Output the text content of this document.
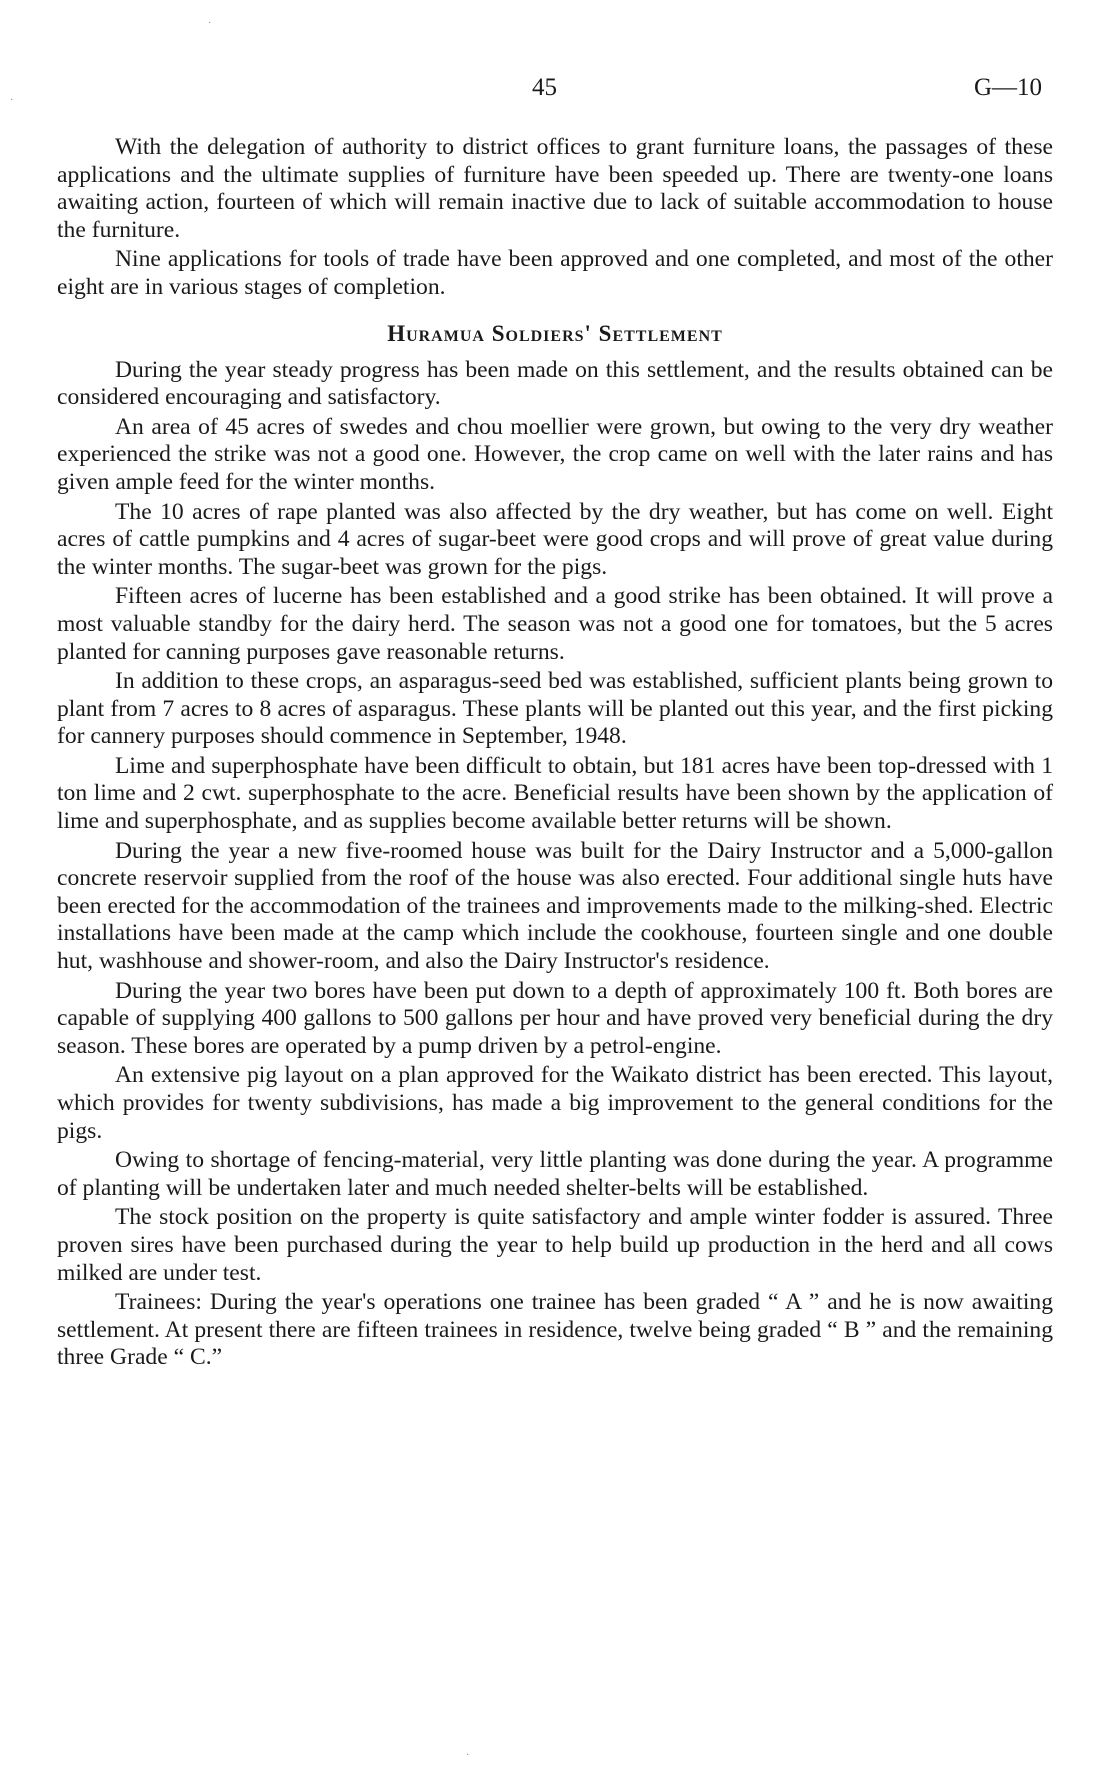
45	G—10
·
·
·

With the delegation of authority to district offices to grant furniture loans, the passages of these applications and the ultimate supplies of furniture have been speeded up. There are twenty-one loans awaiting action, fourteen of which will remain inactive due to lack of suitable accommodation to house the furniture.

Nine applications for tools of trade have been approved and one completed, and most of the other eight are in various stages of completion.

Huramua Soldiers' Settlement

During the year steady progress has been made on this settlement, and the results obtained can be considered encouraging and satisfactory.

An area of 45 acres of swedes and chou moellier were grown, but owing to the very dry weather experienced the strike was not a good one. However, the crop came on well with the later rains and has given ample feed for the winter months.

The 10 acres of rape planted was also affected by the dry weather, but has come on well. Eight acres of cattle pumpkins and 4 acres of sugar-beet were good crops and will prove of great value during the winter months. The sugar-beet was grown for the pigs.

Fifteen acres of lucerne has been established and a good strike has been obtained. It will prove a most valuable standby for the dairy herd. The season was not a good one for tomatoes, but the 5 acres planted for canning purposes gave reasonable returns.

In addition to these crops, an asparagus-seed bed was established, sufficient plants being grown to plant from 7 acres to 8 acres of asparagus. These plants will be planted out this year, and the first picking for cannery purposes should commence in September, 1948.

Lime and superphosphate have been difficult to obtain, but 181 acres have been top-dressed with 1 ton lime and 2 cwt. superphosphate to the acre. Beneficial results have been shown by the application of lime and superphosphate, and as supplies become available better returns will be shown.

During the year a new five-roomed house was built for the Dairy Instructor and a 5,000-gallon concrete reservoir supplied from the roof of the house was also erected. Four additional single huts have been erected for the accommodation of the trainees and improvements made to the milking-shed. Electric installations have been made at the camp which include the cookhouse, fourteen single and one double hut, washhouse and shower-room, and also the Dairy Instructor's residence.

During the year two bores have been put down to a depth of approximately 100 ft. Both bores are capable of supplying 400 gallons to 500 gallons per hour and have proved very beneficial during the dry season. These bores are operated by a pump driven by a petrol-engine.

An extensive pig layout on a plan approved for the Waikato district has been erected. This layout, which provides for twenty subdivisions, has made a big improvement to the general conditions for the pigs.

Owing to shortage of fencing-material, very little planting was done during the year. A programme of planting will be undertaken later and much needed shelter-belts will be established.

The stock position on the property is quite satisfactory and ample winter fodder is assured. Three proven sires have been purchased during the year to help build up production in the herd and all cows milked are under test.

Trainees: During the year's operations one trainee has been graded “ A ” and he is now awaiting settlement. At present there are fifteen trainees in residence, twelve being graded “ B ” and the remaining three Grade “ C.”
